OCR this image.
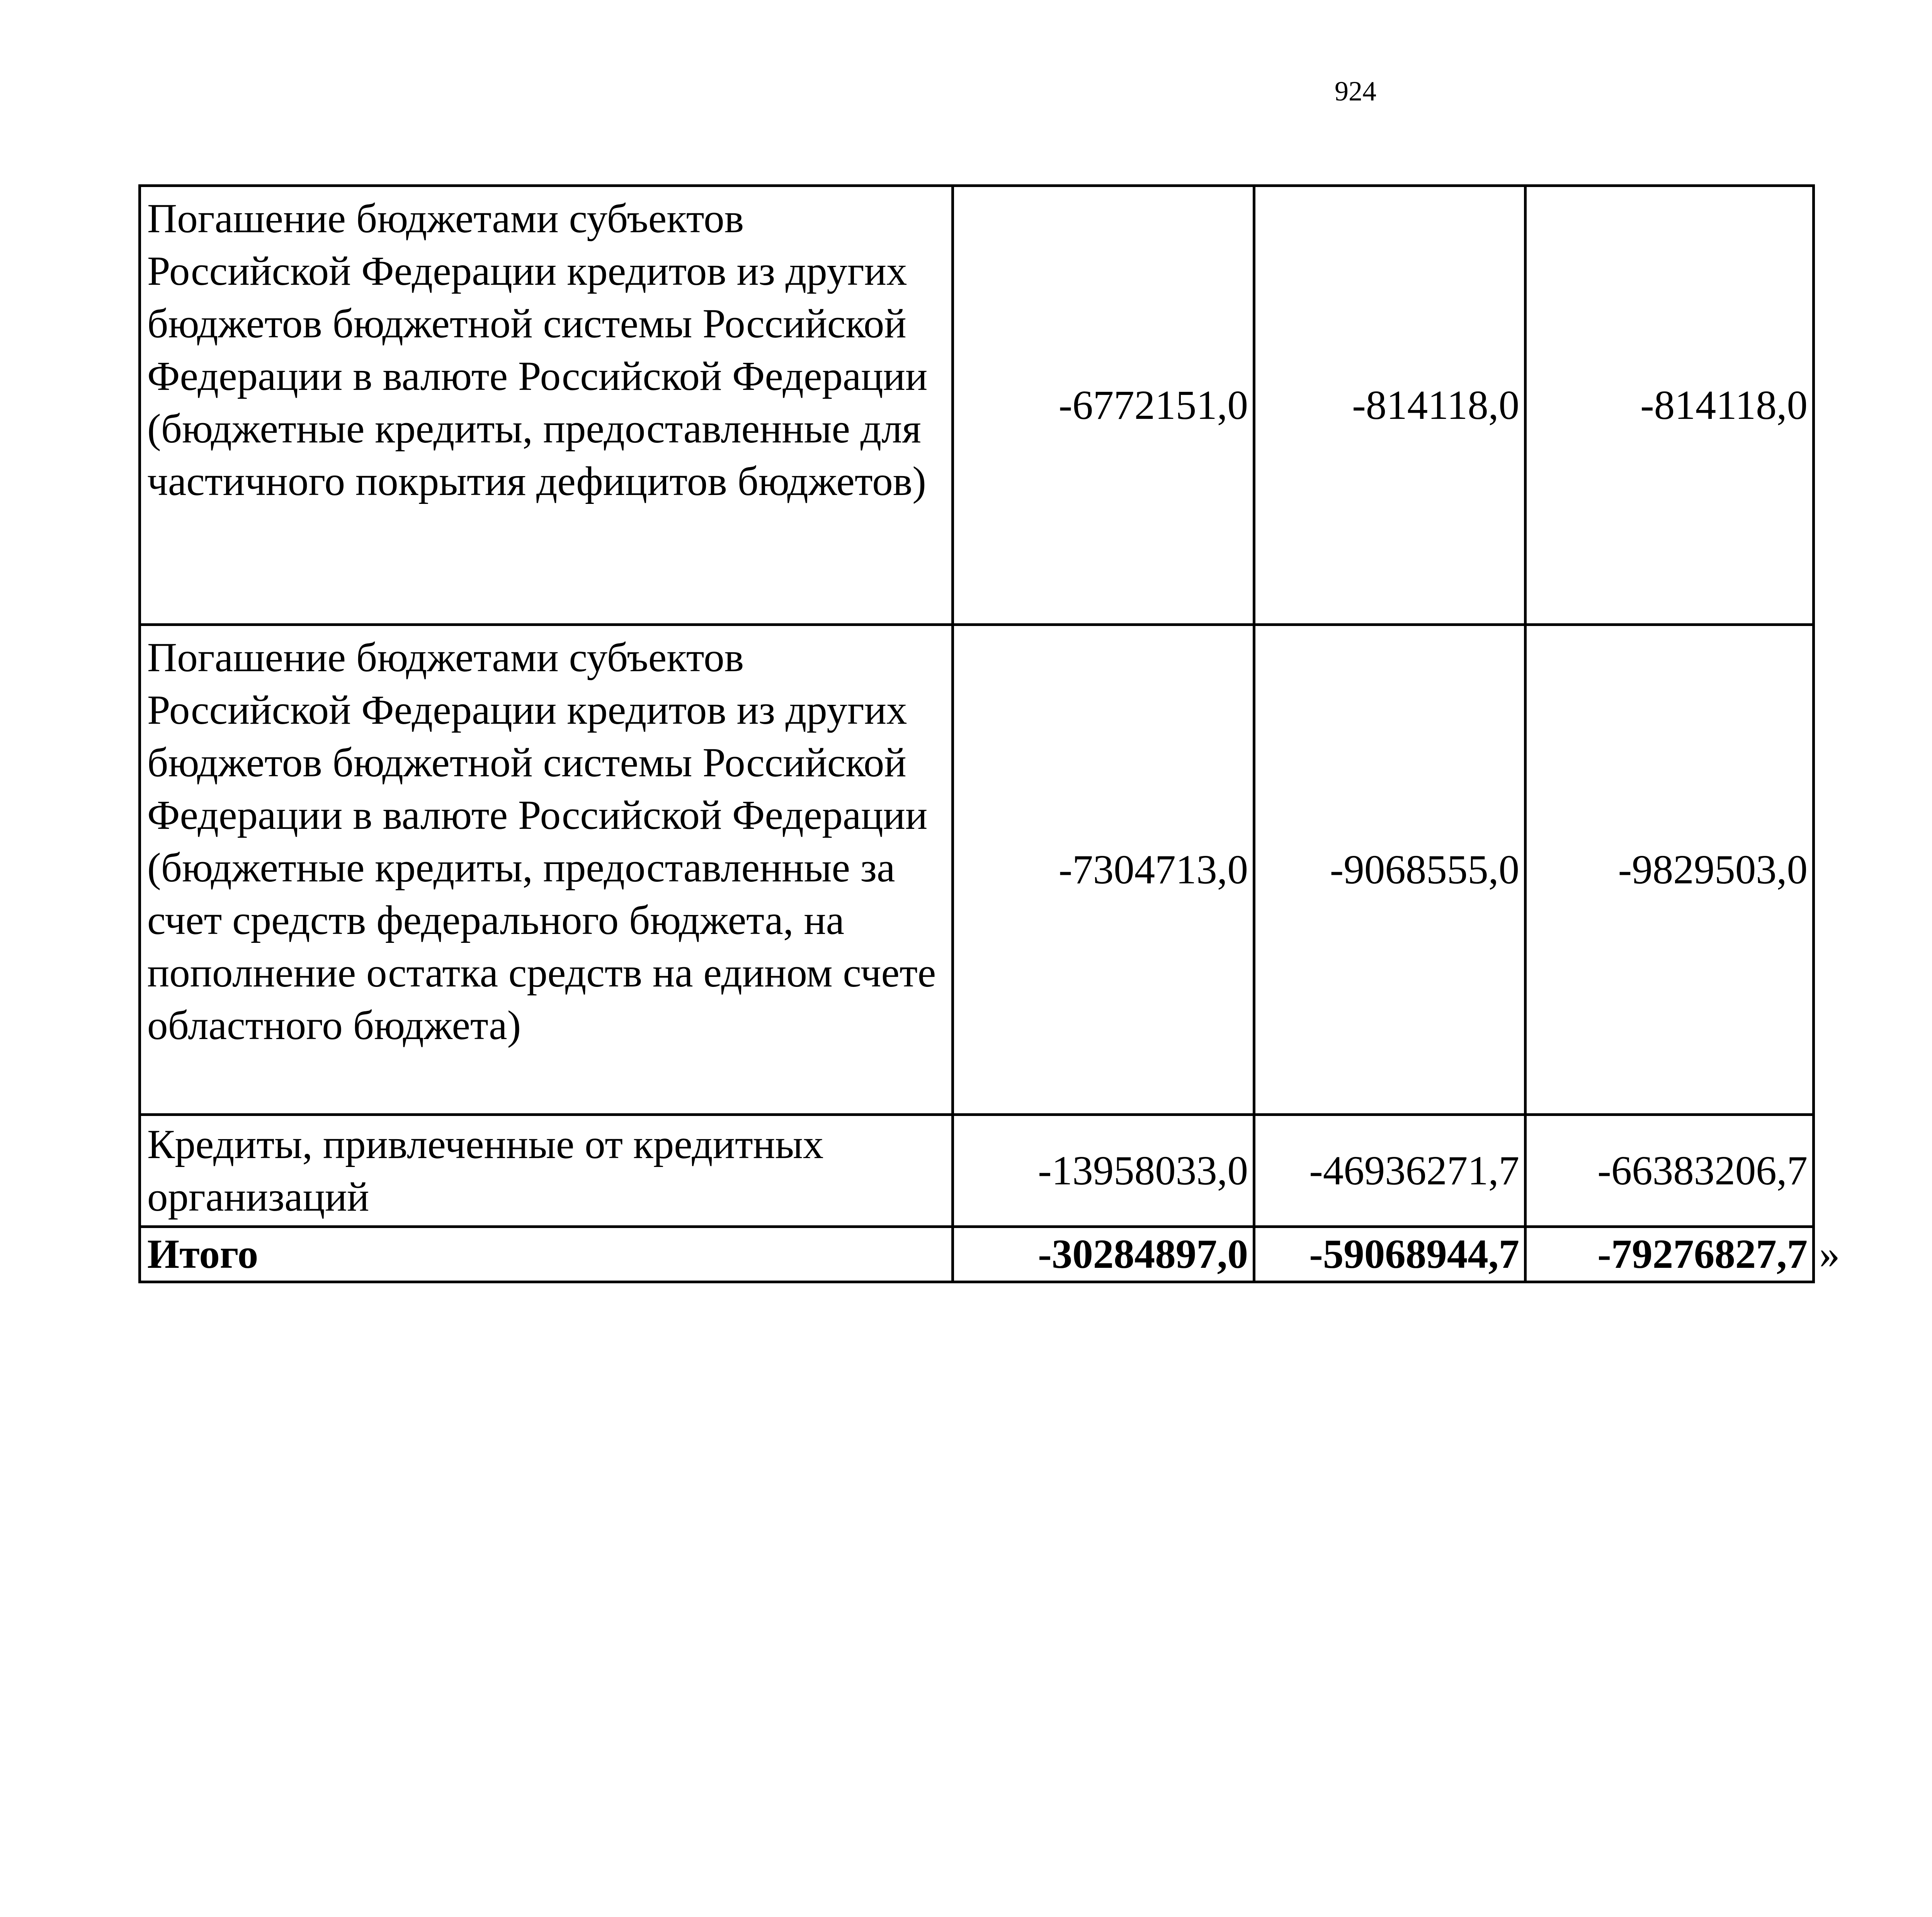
924
Погашение бюджетами субъектов Российской Федерации кредитов из других бюджетов бюджетной системы Российской Федерации в валюте Российской Федерации (бюджетные кредиты, предоставленные для частичного покрытия дефицитов бюджетов)	-6772151,0	-814118,0	-814118,0
Погашение бюджетами субъектов Российской Федерации кредитов из других бюджетов бюджетной системы Российской Федерации в валюте Российской Федерации (бюджетные кредиты, предоставленные за счет средств федерального бюджета, на пополнение остатка средств на едином счете областного бюджета)	-7304713,0	-9068555,0	-9829503,0
Кредиты, привлеченные от кредитных организаций	-13958033,0	-46936271,7	-66383206,7
Итого	-30284897,0	-59068944,7	-79276827,7 »
